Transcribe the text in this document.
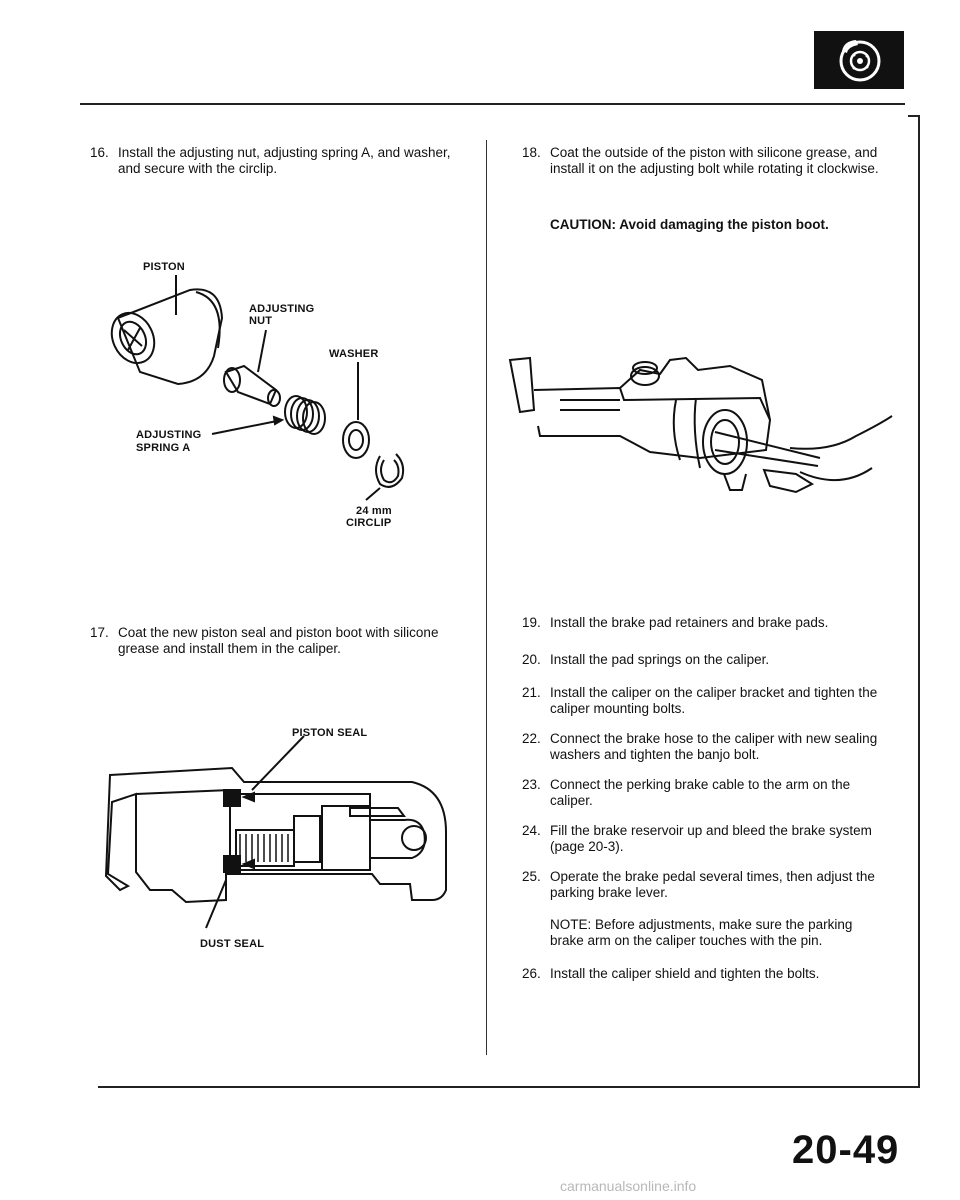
16. Install the adjusting nut, adjusting spring A, and washer, and secure with the circlip.
PISTON
ADJUSTING
NUT
WASHER
ADJUSTING
SPRING A
24 mm
CIRCLIP
17. Coat the new piston seal and piston boot with silicone grease and install them in the caliper.
PISTON SEAL
DUST SEAL
18. Coat the outside of the piston with silicone grease, and install it on the adjusting bolt while rotating it clockwise.
CAUTION: Avoid damaging the piston boot.
19. Install the brake pad retainers and brake pads.
20. Install the pad springs on the caliper.
21. Install the caliper on the caliper bracket and tighten the caliper mounting bolts.
22. Connect the brake hose to the caliper with new sealing washers and tighten the banjo bolt.
23. Connect the perking brake cable to the arm on the caliper.
24. Fill the brake reservoir up and bleed the brake system (page 20-3).
25. Operate the brake pedal several times, then adjust the parking brake lever.
NOTE: Before adjustments, make sure the parking brake arm on the caliper touches with the pin.
26. Install the caliper shield and tighten the bolts.
20-49
carmanualsonline.info
